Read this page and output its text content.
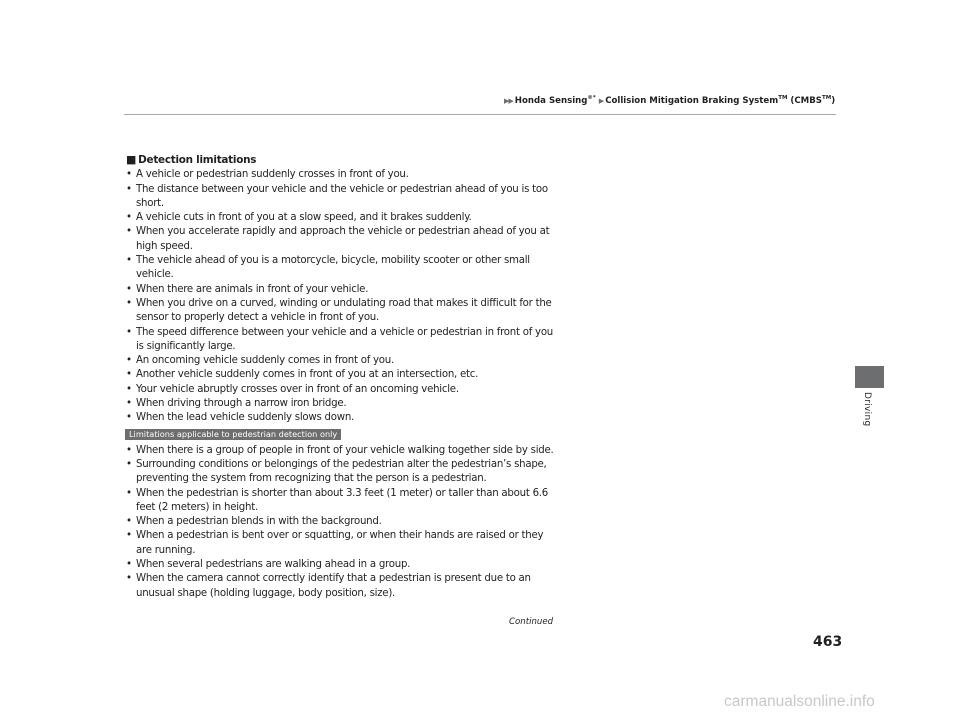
▶▶ Honda Sensing®* ▶ Collision Mitigation Braking System™ (CMBS™)
Driving
■ Detection limitations
• A vehicle or pedestrian suddenly crosses in front of you.
• The distance between your vehicle and the vehicle or pedestrian ahead of you is too short.
• A vehicle cuts in front of you at a slow speed, and it brakes suddenly.
• When you accelerate rapidly and approach the vehicle or pedestrian ahead of you at high speed.
• The vehicle ahead of you is a motorcycle, bicycle, mobility scooter or other small vehicle.
• When there are animals in front of your vehicle.
• When you drive on a curved, winding or undulating road that makes it difficult for the sensor to properly detect a vehicle in front of you.
• The speed difference between your vehicle and a vehicle or pedestrian in front of you is significantly large.
• An oncoming vehicle suddenly comes in front of you.
• Another vehicle suddenly comes in front of you at an intersection, etc.
• Your vehicle abruptly crosses over in front of an oncoming vehicle.
• When driving through a narrow iron bridge.
• When the lead vehicle suddenly slows down.
Limitations applicable to pedestrian detection only
• When there is a group of people in front of your vehicle walking together side by side.
• Surrounding conditions or belongings of the pedestrian alter the pedestrian’s shape, preventing the system from recognizing that the person is a pedestrian.
• When the pedestrian is shorter than about 3.3 feet (1 meter) or taller than about 6.6 feet (2 meters) in height.
• When a pedestrian blends in with the background.
• When a pedestrian is bent over or squatting, or when their hands are raised or they are running.
• When several pedestrians are walking ahead in a group.
• When the camera cannot correctly identify that a pedestrian is present due to an unusual shape (holding luggage, body position, size).
Continued
463
carmanualsonline.info
